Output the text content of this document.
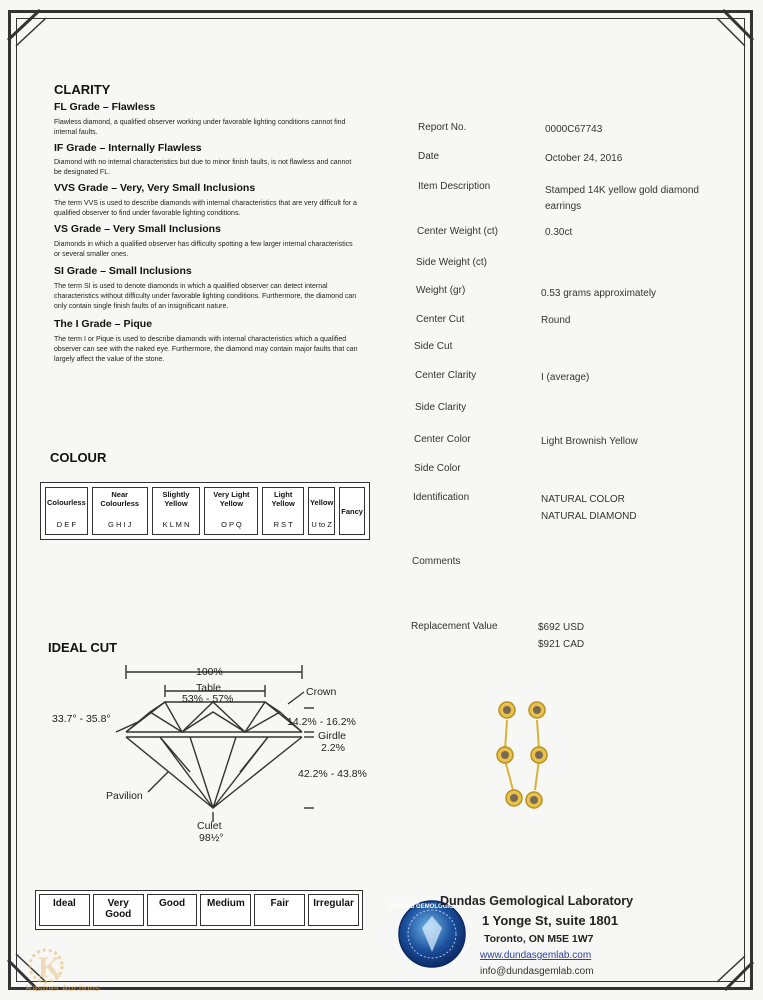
CLARITY
FL Grade – Flawless
Flawless diamond, a qualified observer working under favorable lighting conditions cannot find internal faults.
IF Grade – Internally Flawless
Diamond with no internal characteristics but due to minor finish faults, is not flawless and cannot be designated FL.
VVS Grade – Very, Very Small Inclusions
The term VVS is used to describe diamonds with internal characteristics that are very difficult for a qualified observer to find under favorable lighting conditions.
VS Grade – Very Small Inclusions
Diamonds in which a qualified observer has difficulty spotting a few larger internal characteristics or several smaller ones.
SI Grade – Small Inclusions
The term SI is used to denote diamonds in which a qualified observer can detect internal characteristics without difficulty under favorable lighting conditions. Furthermore, the diamond can only contain single finish faults of an insignificant nature.
The I Grade – Pique
The term I or Pique is used to describe diamonds with internal characteristics which a qualified observer can see with the naked eye. Furthermore, the diamond may contain major faults that can largely affect the value of the stone.
COLOUR
Colourless
D E F

Near Colourless
G H I J

Slightly Yellow
K L M N

Very Light Yellow
O P Q

Light Yellow
R S T

Yellow
U to Z

Fancy
IDEAL CUT
100%
Table
53% - 57%
Crown
33.7° - 35.8°	14.2% - 16.2%
Girdle
2.2%
42.2% - 43.8%
Pavilion
Culet
98½°
Ideal	Very Good
Good	Medium	Fair	Irregular
Report No.	0000C67743
Date	October 24, 2016
Item Description	Stamped 14K yellow gold diamond earrings
Center Weight (ct)	0.30ct
Side Weight (ct)
Weight (gr)	0.53 grams approximately
Center Cut	Round
Side Cut
Center Clarity	I (average)
Side Clarity
Center Color	Light Brownish Yellow
Side Color
Identification	NATURAL COLOR
NATURAL DIAMOND
Comments
Replacement Value	$692 USD
$921 CAD
DUNDAS GEMOLOGICAL LAB
Dundas Gemological Laboratory
1 Yonge St, suite 1801
Toronto, ON M5E 1W7
www.dundasgemlab.com
info@dundasgemlab.com
K
Kastner Auctions
